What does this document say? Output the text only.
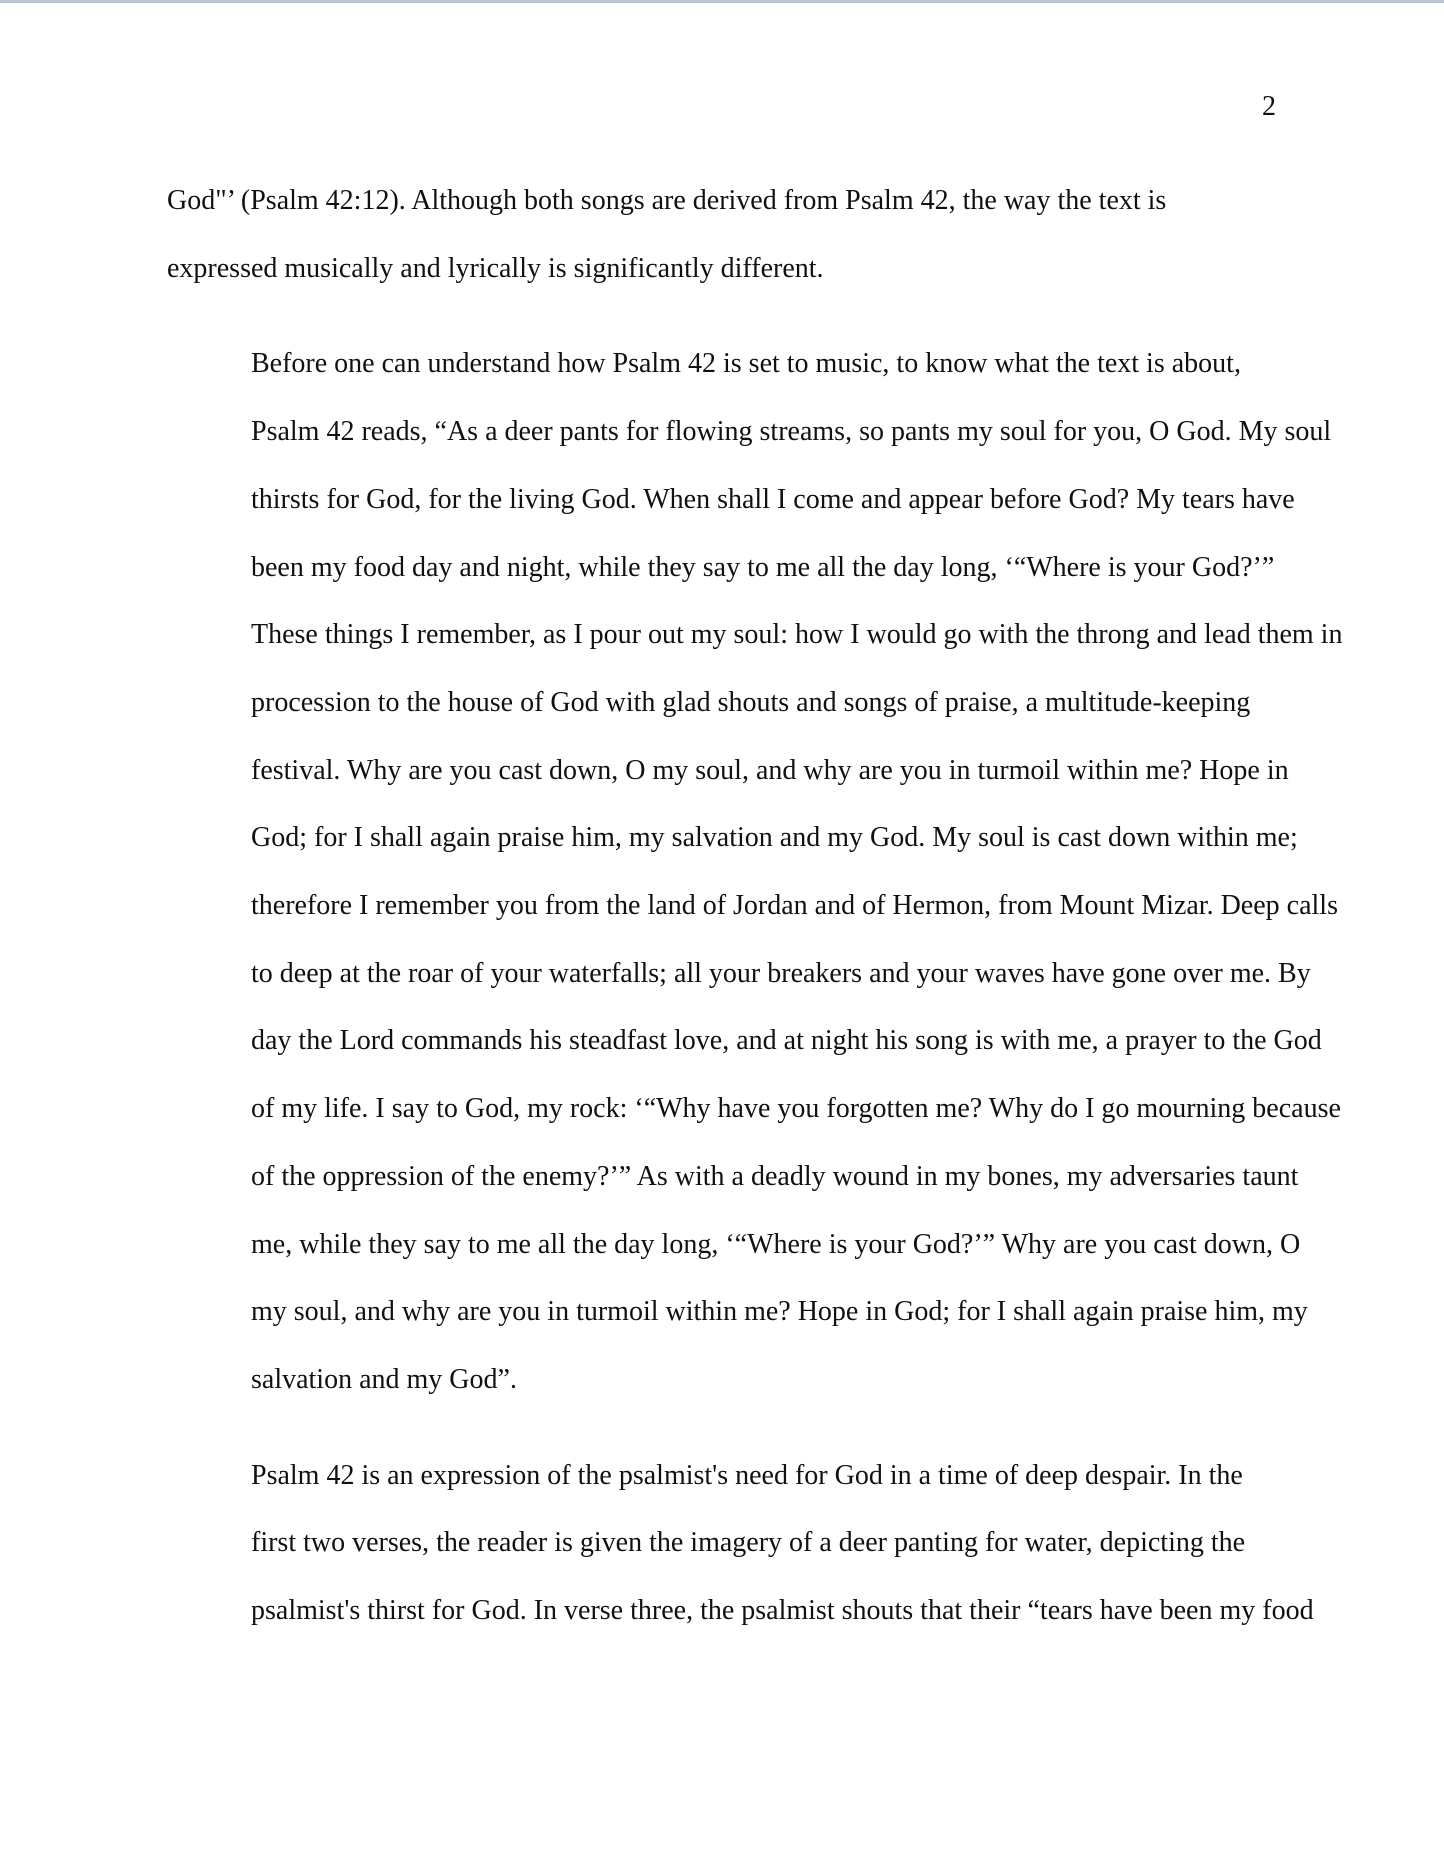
2

God"’ (Psalm 42:12). Although both songs are derived from Psalm 42, the way the text is
expressed musically and lyrically is significantly different.

Before one can understand how Psalm 42 is set to music, to know what the text is about,
Psalm 42 reads, “As a deer pants for flowing streams, so pants my soul for you, O God. My soul
thirsts for God, for the living God. When shall I come and appear before God? My tears have
been my food day and night, while they say to me all the day long, ‘“Where is your God?’”
These things I remember, as I pour out my soul: how I would go with the throng and lead them in
procession to the house of God with glad shouts and songs of praise, a multitude-keeping
festival. Why are you cast down, O my soul, and why are you in turmoil within me? Hope in
God; for I shall again praise him, my salvation and my God. My soul is cast down within me;
therefore I remember you from the land of Jordan and of Hermon, from Mount Mizar. Deep calls
to deep at the roar of your waterfalls; all your breakers and your waves have gone over me. By
day the Lord commands his steadfast love, and at night his song is with me, a prayer to the God
of my life. I say to God, my rock: ‘“Why have you forgotten me? Why do I go mourning because
of the oppression of the enemy?’” As with a deadly wound in my bones, my adversaries taunt
me, while they say to me all the day long, ‘“Where is your God?’” Why are you cast down, O
my soul, and why are you in turmoil within me? Hope in God; for I shall again praise him, my
salvation and my God”.

Psalm 42 is an expression of the psalmist's need for God in a time of deep despair. In the
first two verses, the reader is given the imagery of a deer panting for water, depicting the
psalmist's thirst for God. In verse three, the psalmist shouts that their “tears have been my food
